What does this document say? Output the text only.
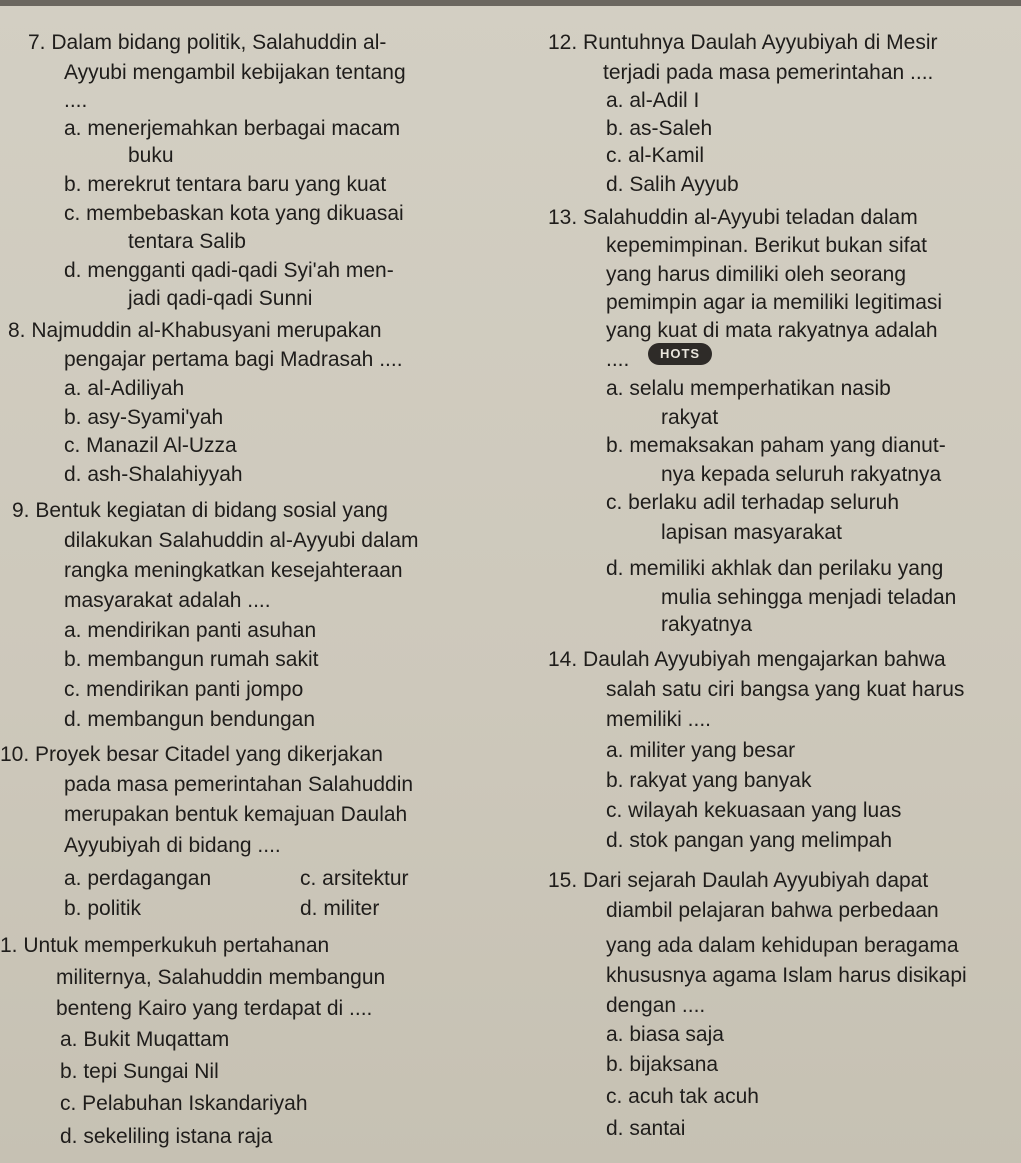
7. Dalam bidang politik, Salahuddin al-
Ayyubi mengambil kebijakan tentang
....
a. menerjemahkan berbagai macam
buku
b. merekrut tentara baru yang kuat
c. membebaskan kota yang dikuasai
tentara Salib
d. mengganti qadi-qadi Syi'ah men-
jadi qadi-qadi Sunni
8. Najmuddin al-Khabusyani merupakan
pengajar pertama bagi Madrasah ....
a. al-Adiliyah
b. asy-Syami'yah
c. Manazil Al-Uzza
d. ash-Shalahiyyah
9. Bentuk kegiatan di bidang sosial yang
dilakukan Salahuddin al-Ayyubi dalam
rangka meningkatkan kesejahteraan
masyarakat adalah ....
a. mendirikan panti asuhan
b. membangun rumah sakit
c. mendirikan panti jompo
d. membangun bendungan
10. Proyek besar Citadel yang dikerjakan
pada masa pemerintahan Salahuddin
merupakan bentuk kemajuan Daulah
Ayyubiyah di bidang ....
a. perdagangan	c. arsitektur
b. politik	d. militer
1. Untuk memperkukuh pertahanan
militernya, Salahuddin membangun
benteng Kairo yang terdapat di ....
a. Bukit Muqattam
b. tepi Sungai Nil
c. Pelabuhan Iskandariyah
d. sekeliling istana raja
12. Runtuhnya Daulah Ayyubiyah di Mesir
terjadi pada masa pemerintahan ....
a. al-Adil I
b. as-Saleh
c. al-Kamil
d. Salih Ayyub
13. Salahuddin al-Ayyubi teladan dalam
kepemimpinan. Berikut bukan sifat
yang harus dimiliki oleh seorang
pemimpin agar ia memiliki legitimasi
yang kuat di mata rakyatnya adalah
....
a. selalu memperhatikan nasib
rakyat
b. memaksakan paham yang dianut-
nya kepada seluruh rakyatnya
c. berlaku adil terhadap seluruh
lapisan masyarakat
d. memiliki akhlak dan perilaku yang
mulia sehingga menjadi teladan
rakyatnya
14. Daulah Ayyubiyah mengajarkan bahwa
salah satu ciri bangsa yang kuat harus
memiliki ....
a. militer yang besar
b. rakyat yang banyak
c. wilayah kekuasaan yang luas
d. stok pangan yang melimpah
15. Dari sejarah Daulah Ayyubiyah dapat
diambil pelajaran bahwa perbedaan
yang ada dalam kehidupan beragama
khususnya agama Islam harus disikapi
dengan ....
a. biasa saja
b. bijaksana
c. acuh tak acuh
d. santai
HOTS
